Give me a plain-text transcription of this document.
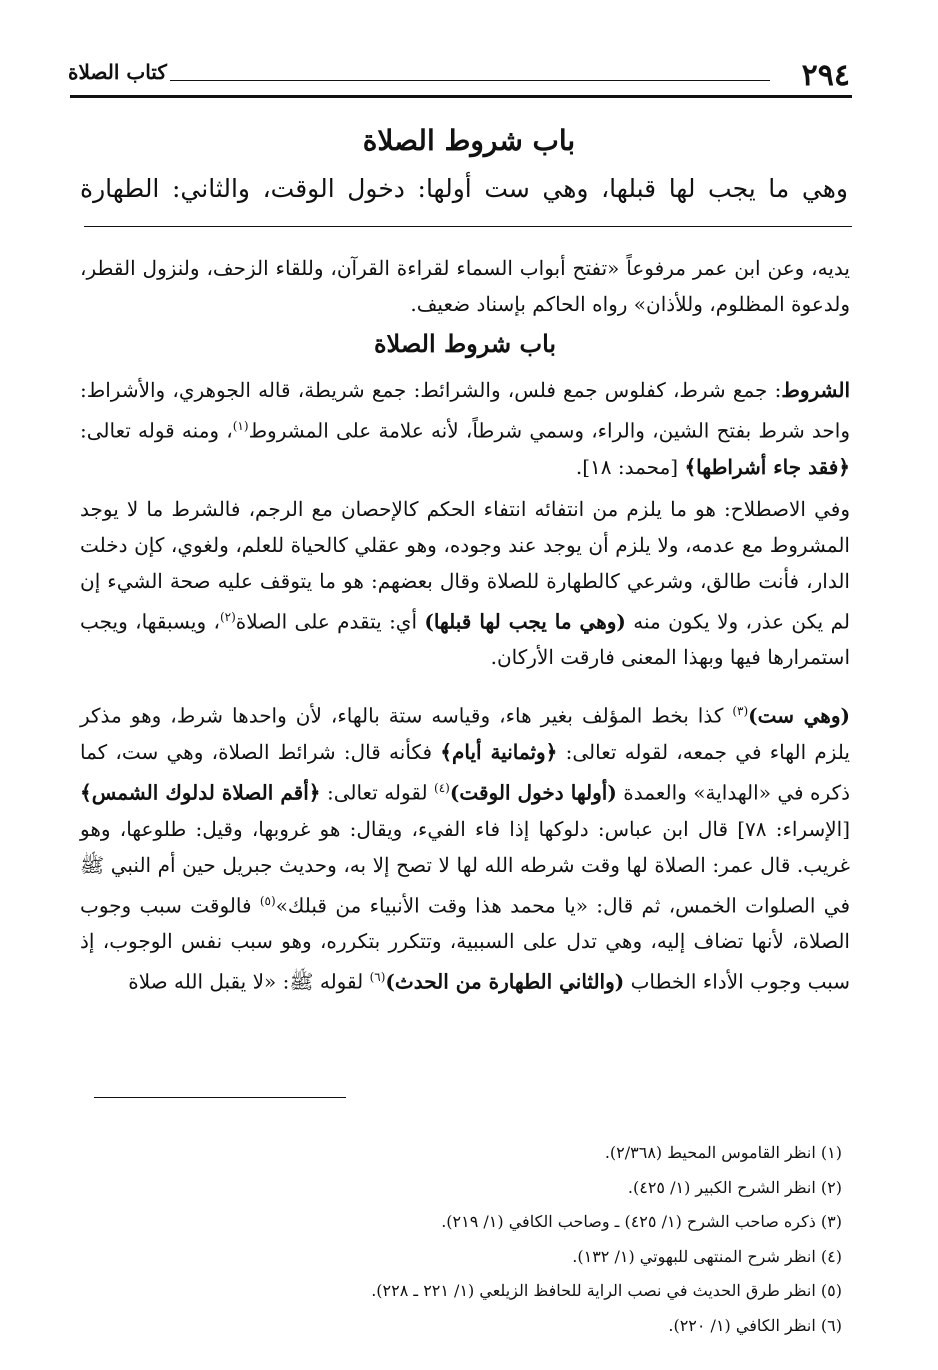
٢٩٤
كتاب الصلاة
باب شروط الصلاة
وهي ما يجب لها قبلها، وهي ست أولها: دخول الوقت، والثاني: الطهارة

يديه، وعن ابن عمر مرفوعاً «تفتح أبواب السماء لقراءة القرآن، وللقاء الزحف، ولنزول القطر، ولدعوة المظلوم، وللأذان» رواه الحاكم بإسناد ضعيف.

باب شروط الصلاة

الشروط: جمع شرط، كفلوس جمع فلس، والشرائط: جمع شريطة، قاله الجوهري، والأشراط: واحد شرط بفتح الشين، والراء، وسمي شرطاً، لأنه علامة على المشروط$^{(١)}$، ومنه قوله تعالى: ﴿فقد جاء أشراطها﴾ [محمد: ١٨].

وفي الاصطلاح: هو ما يلزم من انتفائه انتفاء الحكم كالإحصان مع الرجم، فالشرط ما لا يوجد المشروط مع عدمه، ولا يلزم أن يوجد عند وجوده، وهو عقلي كالحياة للعلم، ولغوي، كإن دخلت الدار، فأنت طالق، وشرعي كالطهارة للصلاة وقال بعضهم: هو ما يتوقف عليه صحة الشيء إن لم يكن عذر، ولا يكون منه (وهي ما يجب لها قبلها) أي: يتقدم على الصلاة$^{(٢)}$، ويسبقها، ويجب استمرارها فيها وبهذا المعنى فارقت الأركان.

(وهي ست)$^{(٣)}$ كذا بخط المؤلف بغير هاء، وقياسه ستة بالهاء، لأن واحدها شرط، وهو مذكر يلزم الهاء في جمعه، لقوله تعالى: ﴿وثمانية أيام﴾ فكأنه قال: شرائط الصلاة، وهي ست، كما ذكره في «الهداية» والعمدة (أولها دخول الوقت)$^{(٤)}$ لقوله تعالى: ﴿أقم الصلاة لدلوك الشمس﴾ [الإسراء: ٧٨] قال ابن عباس: دلوكها إذا فاء الفيء، ويقال: هو غروبها، وقيل: طلوعها، وهو غريب. قال عمر: الصلاة لها وقت شرطه الله لها لا تصح إلا به، وحديث جبريل حين أم النبي ﷺ في الصلوات الخمس، ثم قال: «يا محمد هذا وقت الأنبياء من قبلك»$^{(٥)}$ فالوقت سبب وجوب الصلاة، لأنها تضاف إليه، وهي تدل على السببية، وتتكرر بتكرره، وهو سبب نفس الوجوب، إذ سبب وجوب الأداء الخطاب (والثاني الطهارة من الحدث)$^{(٦)}$ لقوله ﷺ: «لا يقبل الله صلاة

(١) انظر القاموس المحيط (٢/٣٦٨).
(٢) انظر الشرح الكبير (١/ ٤٢٥).
(٣) ذكره صاحب الشرح (١/ ٤٢٥) ـ وصاحب الكافي (١/ ٢١٩).
(٤) انظر شرح المنتهى للبهوتي (١/ ١٣٢).
(٥) انظر طرق الحديث في نصب الراية للحافظ الزيلعي (١/ ٢٢١ ـ ٢٢٨).
(٦) انظر الكافي (١/ ٢٢٠).
